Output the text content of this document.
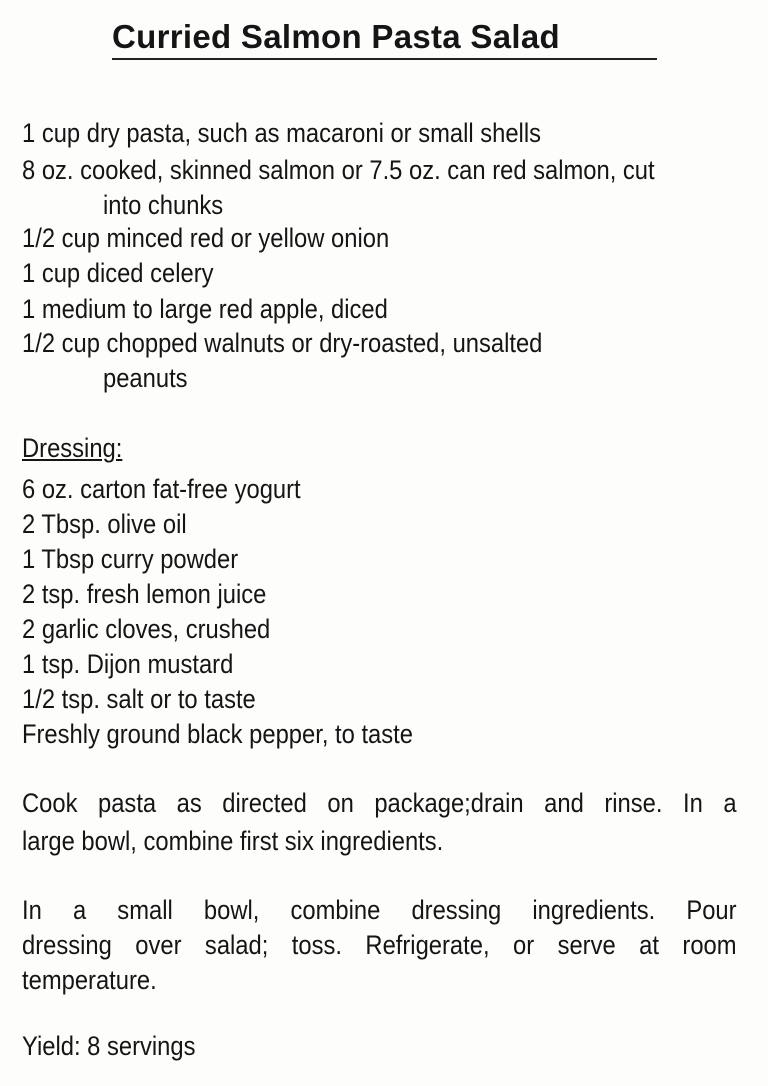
Curried Salmon Pasta Salad
1 cup dry pasta, such as macaroni or small shells
8 oz. cooked, skinned salmon or 7.5 oz. can red salmon, cut
into chunks
1/2 cup minced red or yellow onion
1 cup diced celery
1 medium to large red apple, diced
1/2 cup chopped walnuts or dry-roasted, unsalted
peanuts
Dressing:
6 oz. carton fat-free yogurt
2 Tbsp. olive oil
1 Tbsp curry powder
2 tsp. fresh lemon juice
2 garlic cloves, crushed
1 tsp. Dijon mustard
1/2 tsp. salt or to taste
Freshly ground black pepper, to taste
Cook pasta as directed on package;drain and rinse. In a
large bowl, combine first six ingredients.
In a small bowl, combine dressing ingredients. Pour
dressing over salad; toss. Refrigerate, or serve at room
temperature.
Yield: 8 servings
